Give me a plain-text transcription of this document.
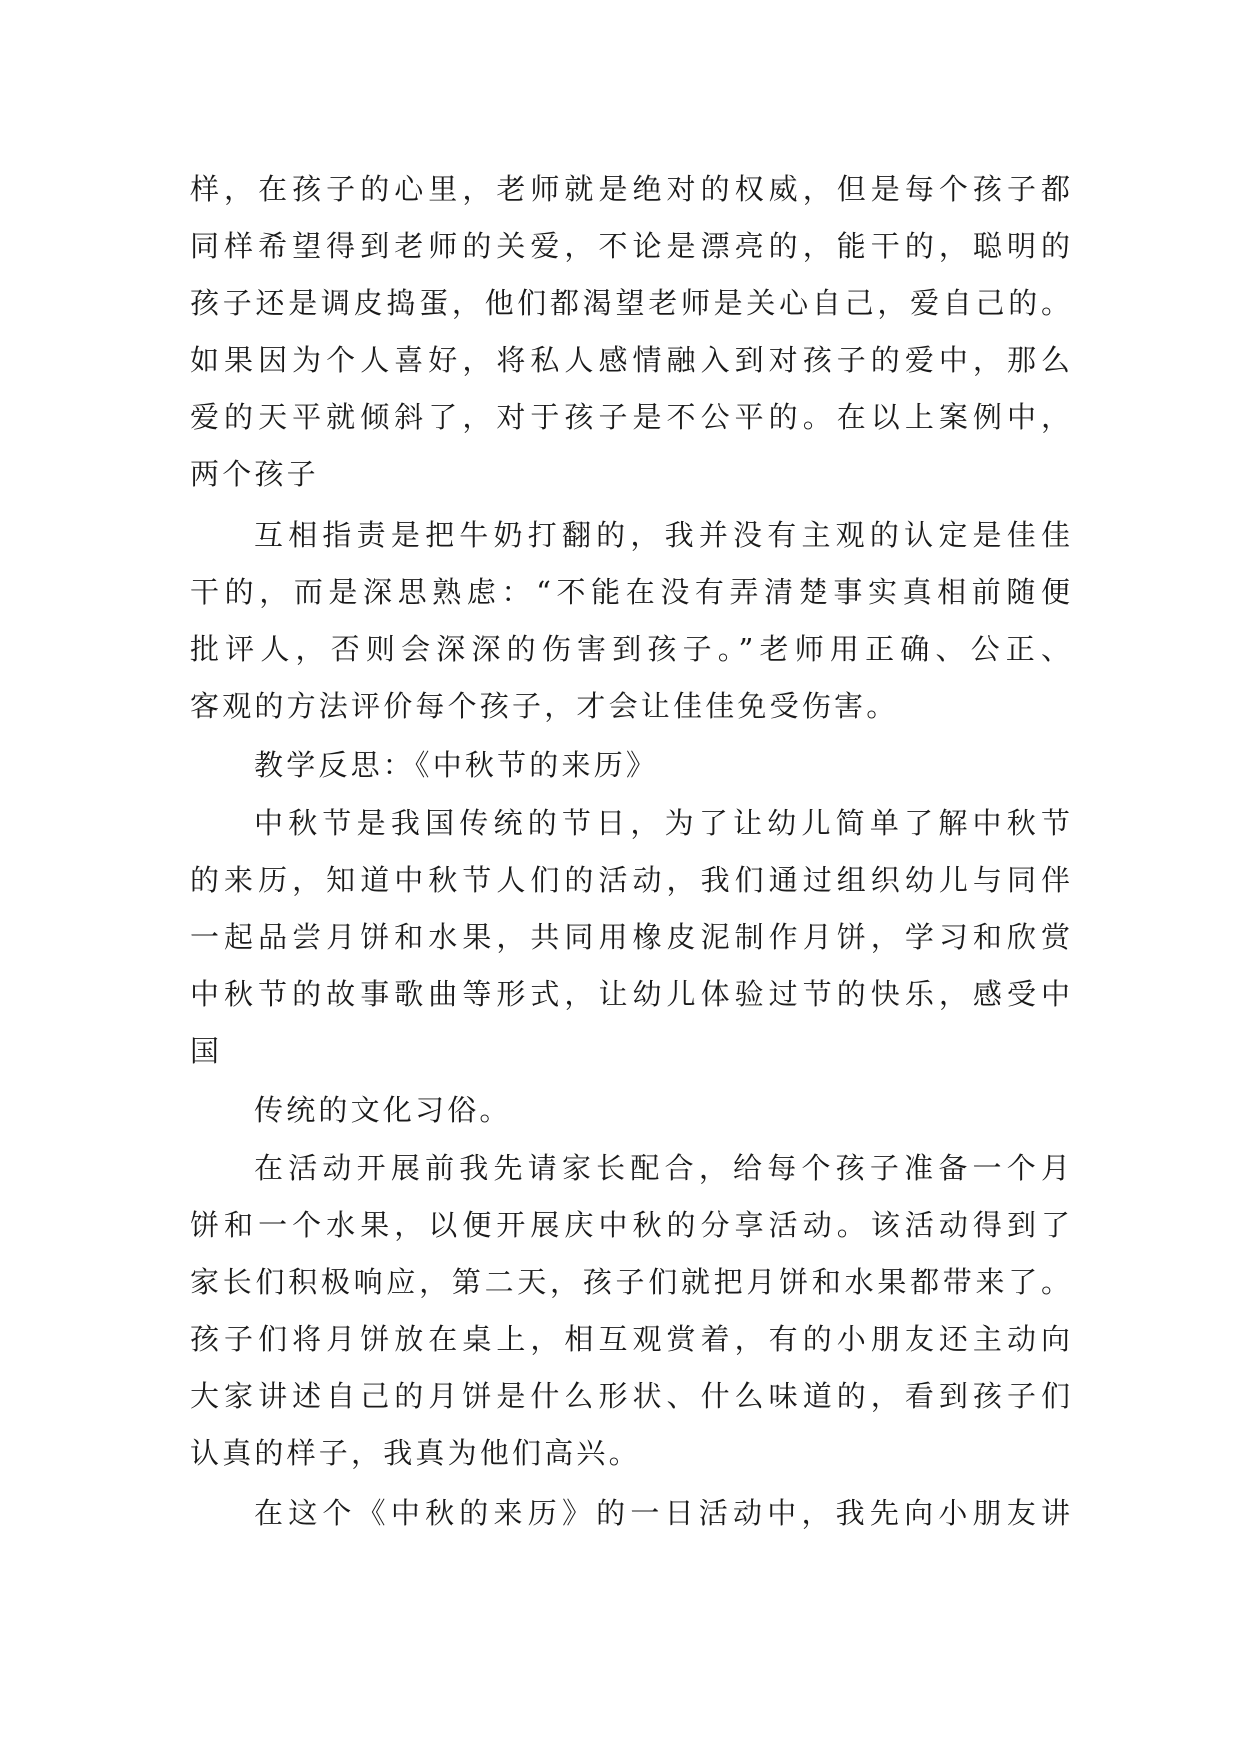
样，在孩子的心里，老师就是绝对的权威，但是每个孩子都
同样希望得到老师的关爱，不论是漂亮的，能干的，聪明的
孩子还是调皮捣蛋，他们都渴望老师是关心自己，爱自己的。
如果因为个人喜好，将私人感情融入到对孩子的爱中，那么
爱的天平就倾斜了，对于孩子是不公平的。在以上案例中，
两个孩子
互相指责是把牛奶打翻的，我并没有主观的认定是佳佳
干的，而是深思熟虑：“不能在没有弄清楚事实真相前随便
批评人，否则会深深的伤害到孩子。”老师用正确、公正、
客观的方法评价每个孩子，才会让佳佳免受伤害。
教学反思：《中秋节的来历》
中秋节是我国传统的节日，为了让幼儿简单了解中秋节
的来历，知道中秋节人们的活动，我们通过组织幼儿与同伴
一起品尝月饼和水果，共同用橡皮泥制作月饼，学习和欣赏
中秋节的故事歌曲等形式，让幼儿体验过节的快乐，感受中
国
传统的文化习俗。
在活动开展前我先请家长配合，给每个孩子准备一个月
饼和一个水果，以便开展庆中秋的分享活动。该活动得到了
家长们积极响应，第二天，孩子们就把月饼和水果都带来了。
孩子们将月饼放在桌上，相互观赏着，有的小朋友还主动向
大家讲述自己的月饼是什么形状、什么味道的，看到孩子们
认真的样子，我真为他们高兴。
在这个《中秋的来历》的一日活动中，我先向小朋友讲
